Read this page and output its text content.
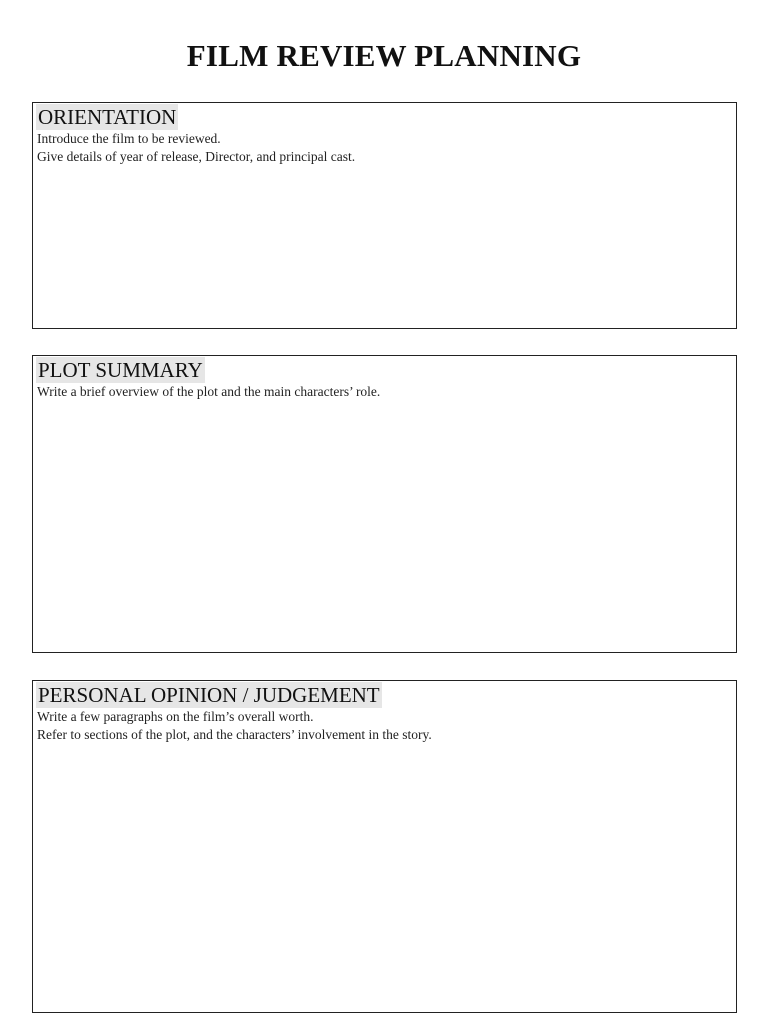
FILM REVIEW PLANNING
ORIENTATION

Introduce the film to be reviewed.

Give details of year of release, Director, and principal cast.

PLOT SUMMARY

Write a brief overview of the plot and the main characters’ role.

PERSONAL OPINION / JUDGEMENT

Write a few paragraphs on the film’s overall worth.

Refer to sections of the plot, and the characters’ involvement in the story.
